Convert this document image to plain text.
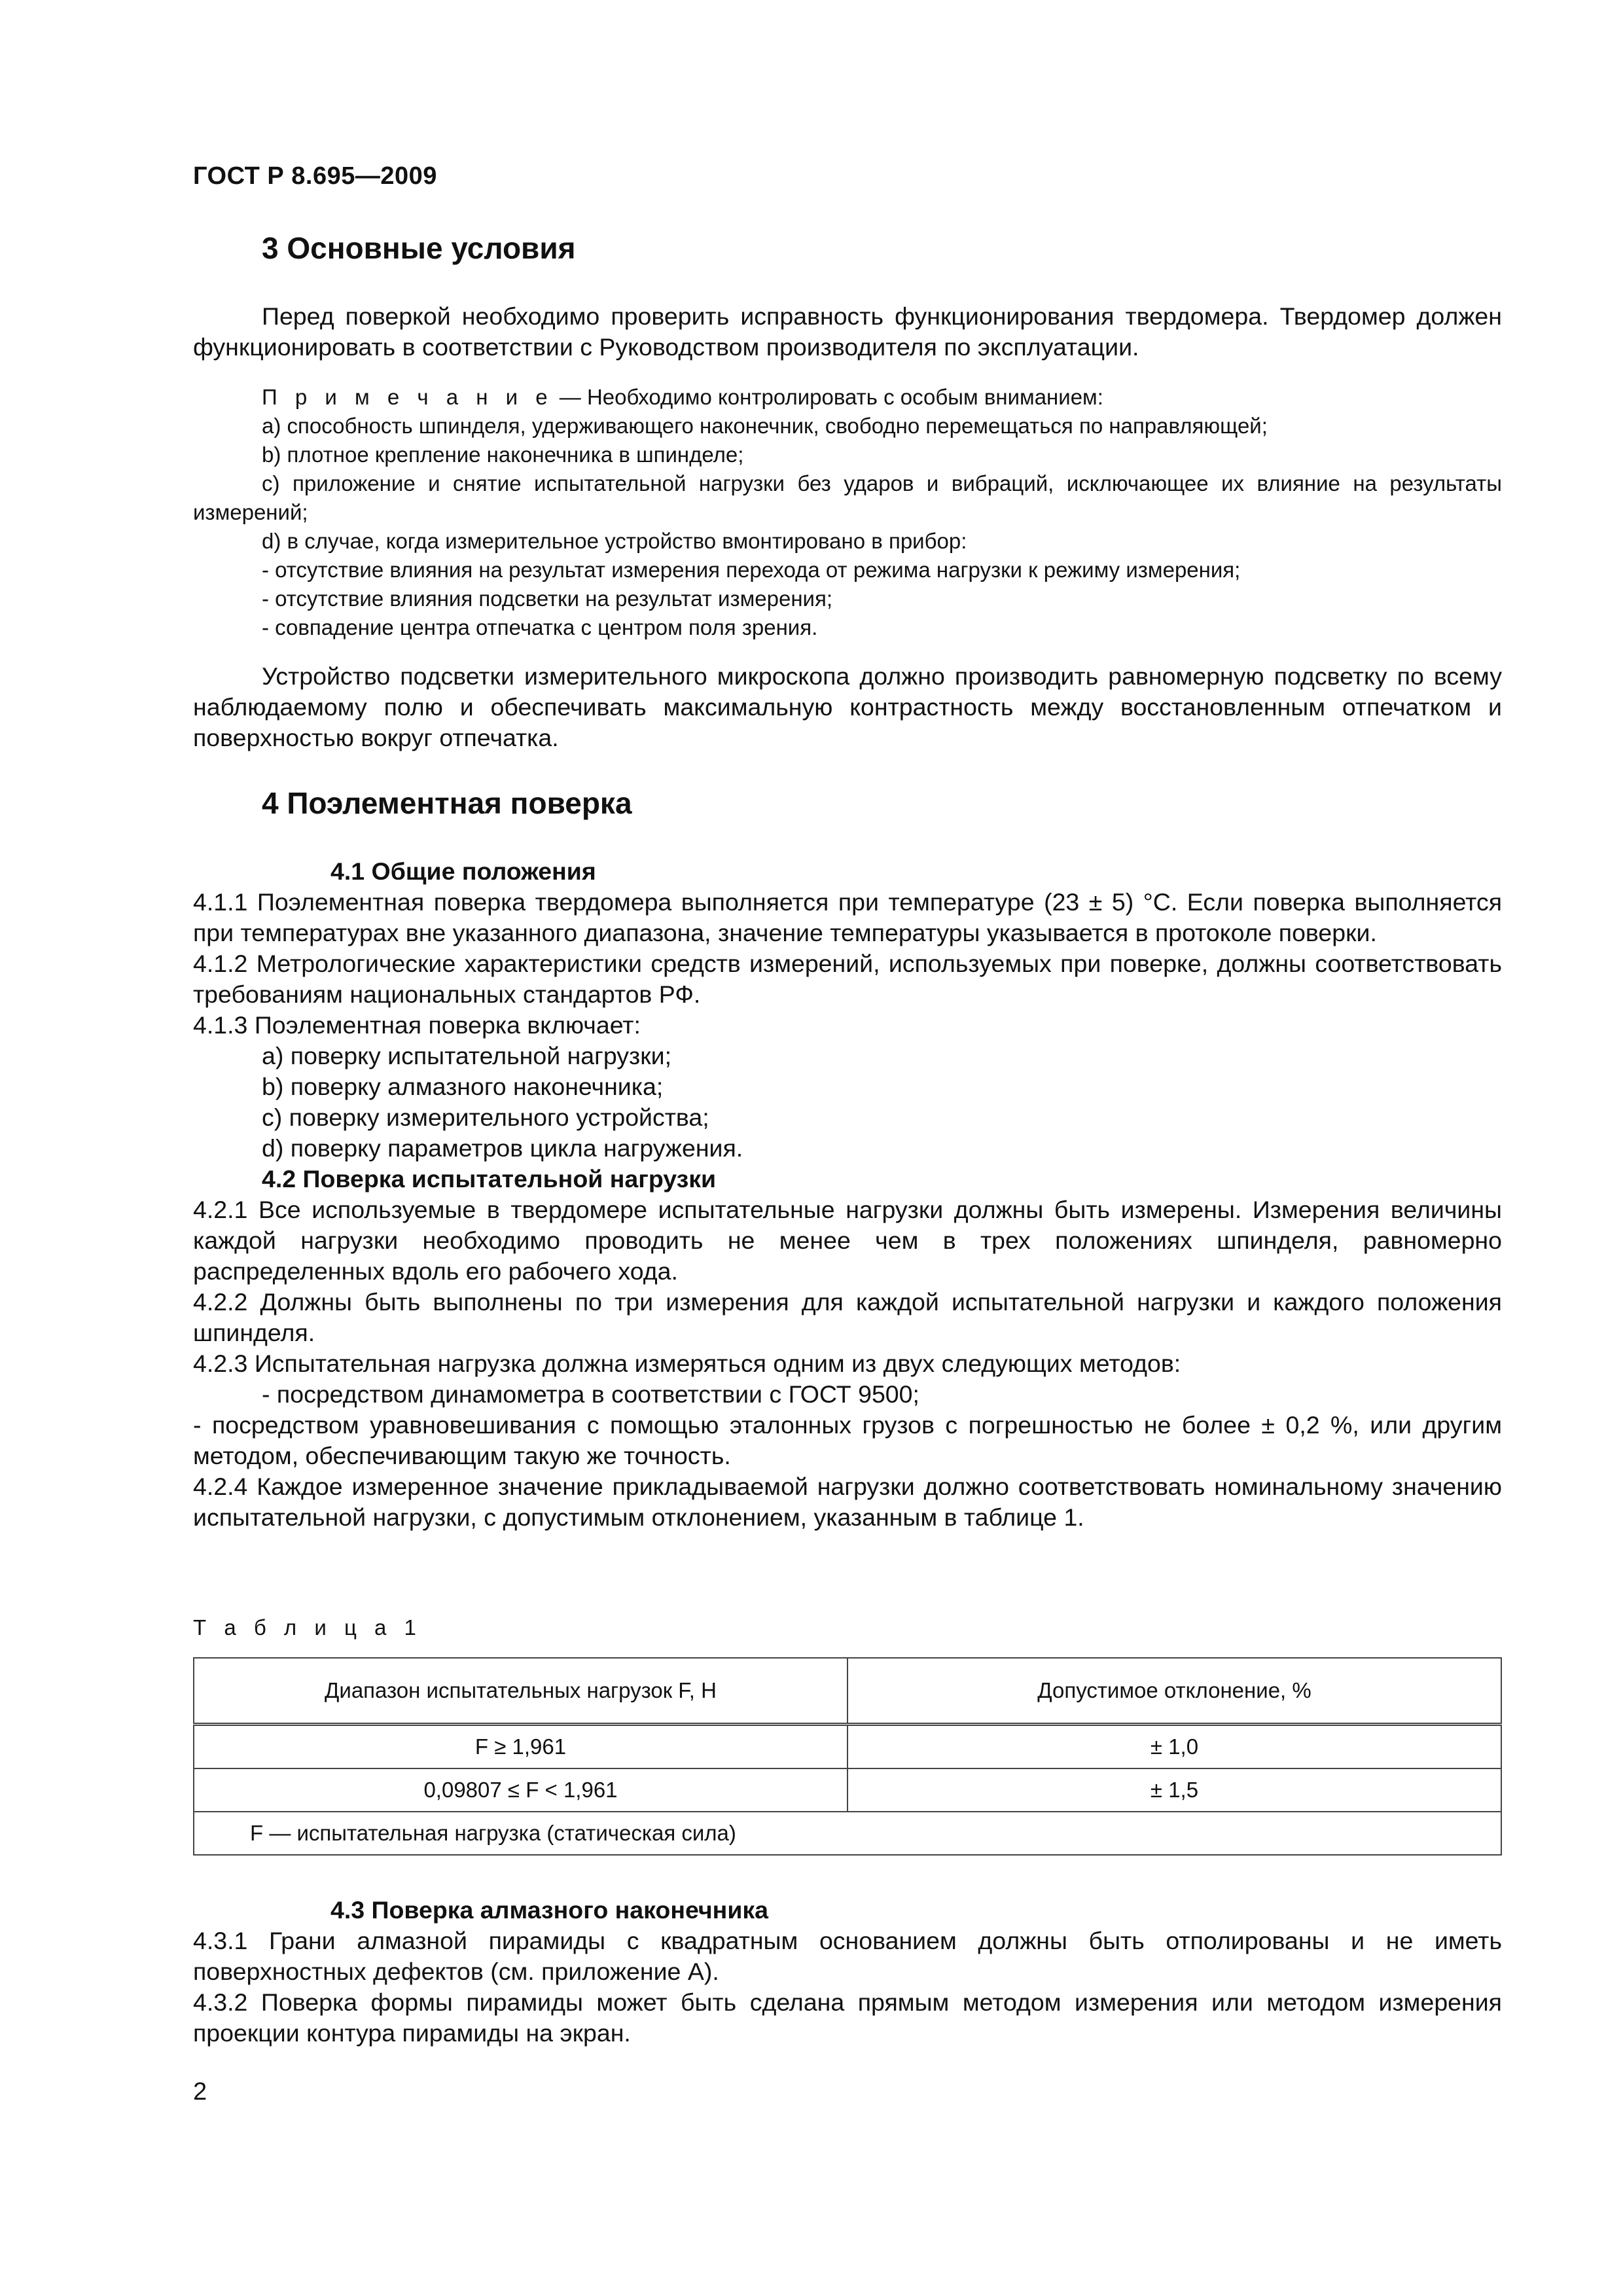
ГОСТ Р 8.695—2009
3 Основные условия
Перед поверкой необходимо проверить исправность функционирования твердомера. Твердомер должен функционировать в соответствии с Руководством производителя по эксплуатации.
П р и м е ч а н и е — Необходимо контролировать с особым вниманием:
a) способность шпинделя, удерживающего наконечник, свободно перемещаться по направляющей;
b) плотное крепление наконечника в шпинделе;
c) приложение и снятие испытательной нагрузки без ударов и вибраций, исключающее их влияние на результаты измерений;
d) в случае, когда измерительное устройство вмонтировано в прибор:
- отсутствие влияния на результат измерения перехода от режима нагрузки к режиму измерения;
- отсутствие влияния подсветки на результат измерения;
- совпадение центра отпечатка с центром поля зрения.
Устройство подсветки измерительного микроскопа должно производить равномерную подсветку по всему наблюдаемому полю и обеспечивать максимальную контрастность между восстановленным отпечатком и поверхностью вокруг отпечатка.
4 Поэлементная поверка
4.1 Общие положения
4.1.1 Поэлементная поверка твердомера выполняется при температуре (23 ± 5) °С. Если поверка выполняется при температурах вне указанного диапазона, значение температуры указывается в протоколе поверки.
4.1.2 Метрологические характеристики средств измерений, используемых при поверке, должны соответствовать требованиям национальных стандартов РФ.
4.1.3 Поэлементная поверка включает:
a) поверку испытательной нагрузки;
b) поверку алмазного наконечника;
c) поверку измерительного устройства;
d) поверку параметров цикла нагружения.
4.2 Поверка испытательной нагрузки
4.2.1 Все используемые в твердомере испытательные нагрузки должны быть измерены. Измерения величины каждой нагрузки необходимо проводить не менее чем в трех положениях шпинделя, равномерно распределенных вдоль его рабочего хода.
4.2.2 Должны быть выполнены по три измерения для каждой испытательной нагрузки и каждого положения шпинделя.
4.2.3 Испытательная нагрузка должна измеряться одним из двух следующих методов:
- посредством динамометра в соответствии с ГОСТ 9500;
- посредством уравновешивания с помощью эталонных грузов с погрешностью не более ± 0,2 %, или другим методом, обеспечивающим такую же точность.
4.2.4 Каждое измеренное значение прикладываемой нагрузки должно соответствовать номинальному значению испытательной нагрузки, с допустимым отклонением, указанным в таблице 1.
Т а б л и ц а 1
Диапазон испытательных нагрузок F, Н	Допустимое отклонение, %
F ≥ 1,961	± 1,0
0,09807 ≤ F < 1,961	± 1,5
F — испытательная нагрузка (статическая сила)	
4.3 Поверка алмазного наконечника
4.3.1 Грани алмазной пирамиды с квадратным основанием должны быть отполированы и не иметь поверхностных дефектов (см. приложение А).
4.3.2 Поверка формы пирамиды может быть сделана прямым методом измерения или методом измерения проекции контура пирамиды на экран.
2
